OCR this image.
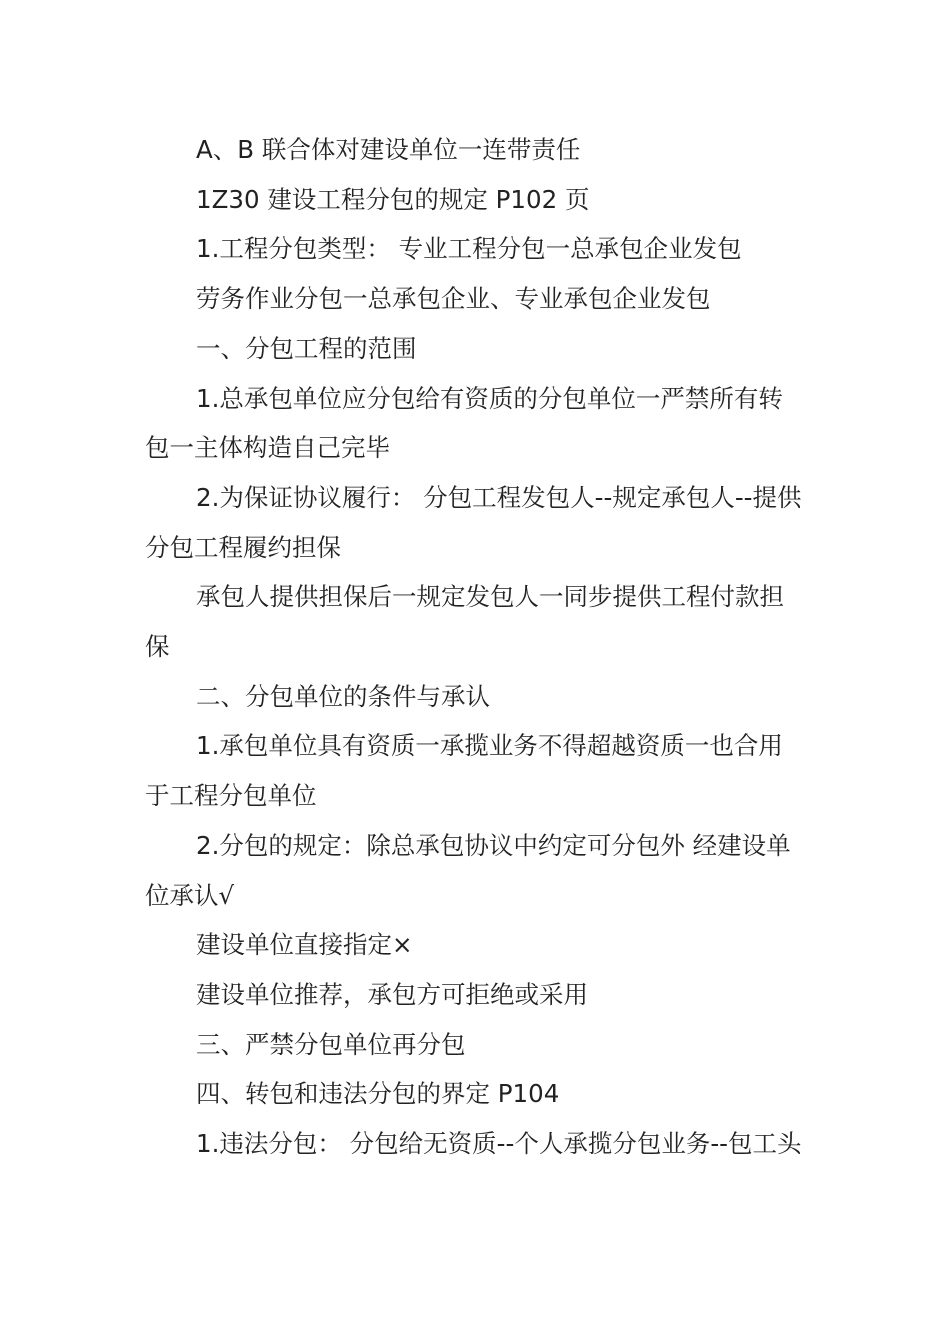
A、B 联合体对建设单位一连带责任

1Z30 建设工程分包的规定 P102 页

1.工程分包类型： 专业工程分包一总承包企业发包

劳务作业分包一总承包企业、专业承包企业发包

一、分包工程的范围

1.总承包单位应分包给有资质的分包单位一严禁所有转包一主体构造自己完毕

2.为保证协议履行： 分包工程发包人--规定承包人--提供分包工程履约担保

承包人提供担保后一规定发包人一同步提供工程付款担保

二、分包单位的条件与承认

1.承包单位具有资质一承揽业务不得超越资质一也合用于工程分包单位

2.分包的规定：除总承包协议中约定可分包外 经建设单位承认√

建设单位直接指定×

建设单位推荐，承包方可拒绝或采用

三、严禁分包单位再分包

四、转包和违法分包的界定 P104

1.违法分包： 分包给无资质--个人承揽分包业务--包工头
